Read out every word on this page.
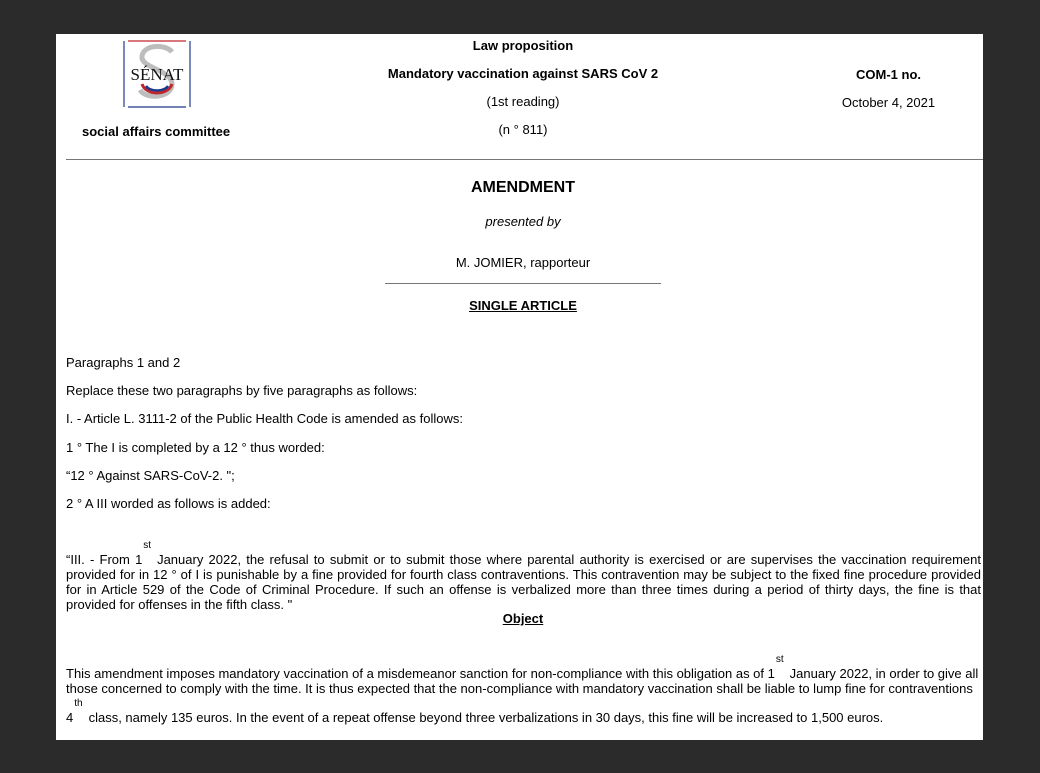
SÉNAT
social affairs committee
Law proposition
Mandatory vaccination against SARS CoV 2
(1st reading)
(n ° 811)
COM-1 no.
October 4, 2021
AMENDMENT
presented by
M. JOMIER, rapporteur
SINGLE ARTICLE
Paragraphs 1 and 2
Replace these two paragraphs by five paragraphs as follows:
I. - Article L. 3111-2 of the Public Health Code is amended as follows:
1 ° The I is completed by a 12 ° thus worded:
“12 ° Against SARS-CoV-2. ";
2 ° A III worded as follows is added:
“III. - From 1stJanuary 2022, the refusal to submit or to submit those where parental authority is exercised or are supervises the vaccination requirement provided for in 12 ° of I is punishable by a fine provided for fourth class contraventions. This contravention may be subject to the fixed fine procedure provided for in Article 529 of the Code of Criminal Procedure. If such an offense is verbalized more than three times during a period of thirty days, the fine is that provided for offenses in the fifth class. "
Object
This amendment imposes mandatory vaccination of a misdemeanor sanction for non-compliance with this obligation as of 1stJanuary 2022, in order to give all those concerned to comply with the time. It is thus expected that the non-compliance with mandatory vaccination shall be liable to lump fine for contraventions 4thclass, namely 135 euros. In the event of a repeat offense beyond three verbalizations in 30 days, this fine will be increased to 1,500 euros.
